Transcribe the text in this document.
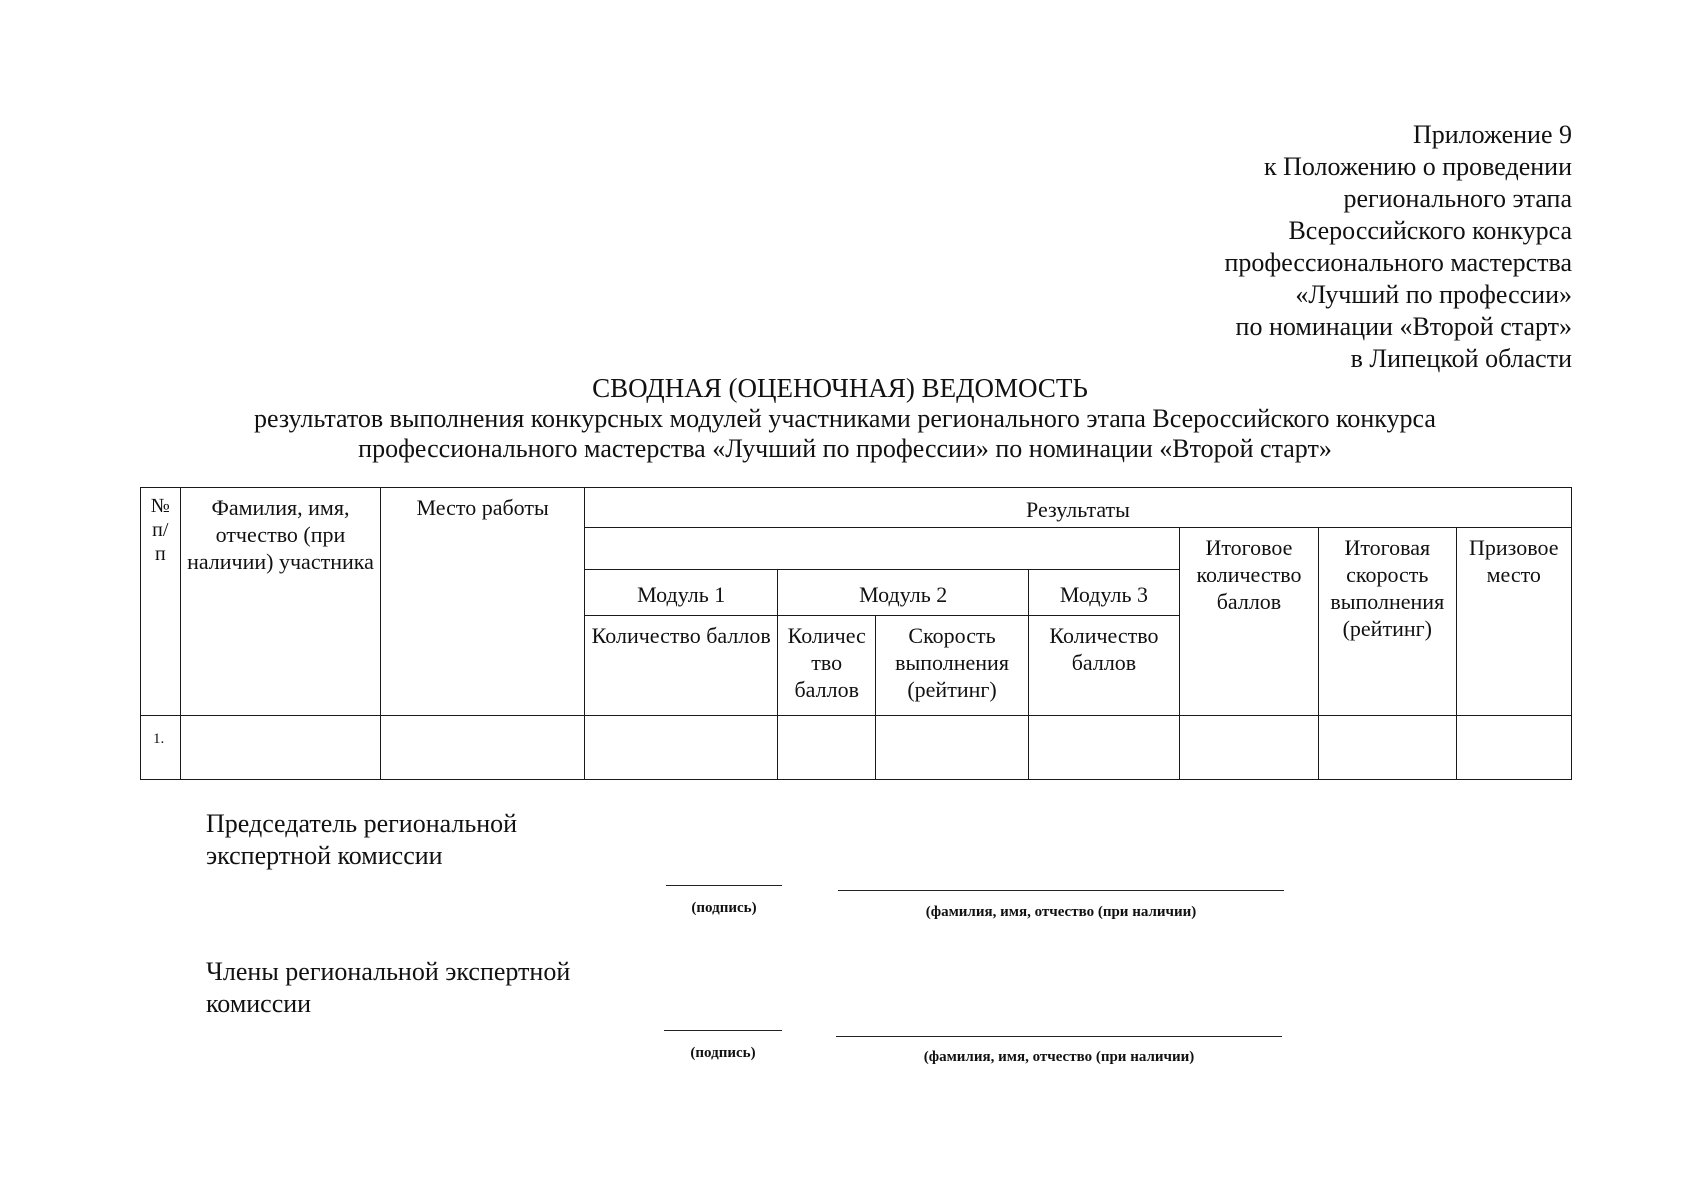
Приложение 9
к Положению о проведении
регионального этапа
Всероссийского конкурса
профессионального мастерства
«Лучший по профессии»
по номинации «Второй старт»
в Липецкой области
СВОДНАЯ (ОЦЕНОЧНАЯ) ВЕДОМОСТЬ
результатов выполнения конкурсных модулей участниками регионального этапа Всероссийского конкурса
профессионального мастерства «Лучший по профессии» по номинации «Второй старт»
№ п/ п	Фамилия, имя, отчество (при наличии) участника	Место работы	Результаты						
							Итоговое количество баллов	Итоговая скорость выполнения (рейтинг)	Призовое место
			Модуль 1	Модуль 2		Модуль 3			
			Количество баллов	Количес тво баллов	Скорость выполнения (рейтинг)	Количество баллов			

1.									
Председатель региональной
экспертной комиссии
(подпись)	(фамилия, имя, отчество (при наличии)
Члены региональной экспертной
комиссии
(подпись)	(фамилия, имя, отчество (при наличии)
